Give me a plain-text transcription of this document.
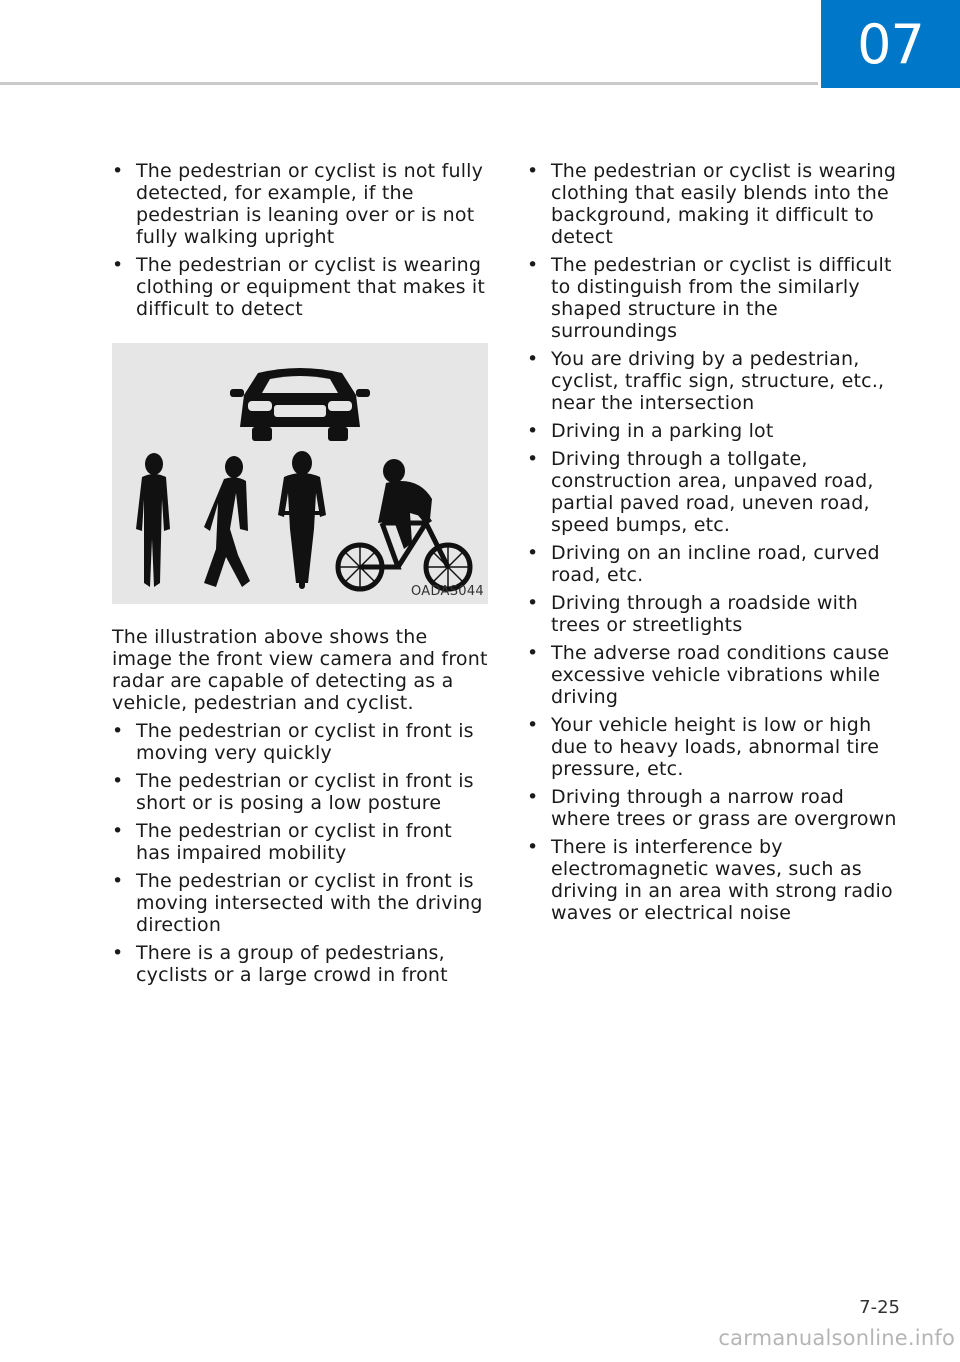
07
• The pedestrian or cyclist is not fully detected, for example, if the pedestrian is leaning over or is not fully walking upright
• The pedestrian or cyclist is wearing clothing or equipment that makes it difficult to detect
OADAS044

The illustration above shows the image the front view camera and front radar are capable of detecting as a vehicle, pedestrian and cyclist.

• The pedestrian or cyclist in front is moving very quickly
• The pedestrian or cyclist in front is short or is posing a low posture
• The pedestrian or cyclist in front has impaired mobility
• The pedestrian or cyclist in front is moving intersected with the driving direction
• There is a group of pedestrians, cyclists or a large crowd in front
• The pedestrian or cyclist is wearing clothing that easily blends into the background, making it difficult to detect
• The pedestrian or cyclist is difficult to distinguish from the similarly shaped structure in the surroundings
• You are driving by a pedestrian, cyclist, traffic sign, structure, etc., near the intersection
• Driving in a parking lot
• Driving through a tollgate, construction area, unpaved road, partial paved road, uneven road, speed bumps, etc.
• Driving on an incline road, curved road, etc.
• Driving through a roadside with trees or streetlights
• The adverse road conditions cause excessive vehicle vibrations while driving
• Your vehicle height is low or high due to heavy loads, abnormal tire pressure, etc.
• Driving through a narrow road where trees or grass are overgrown
• There is interference by electromagnetic waves, such as driving in an area with strong radio waves or electrical noise
7-25
carmanualsonline.info
